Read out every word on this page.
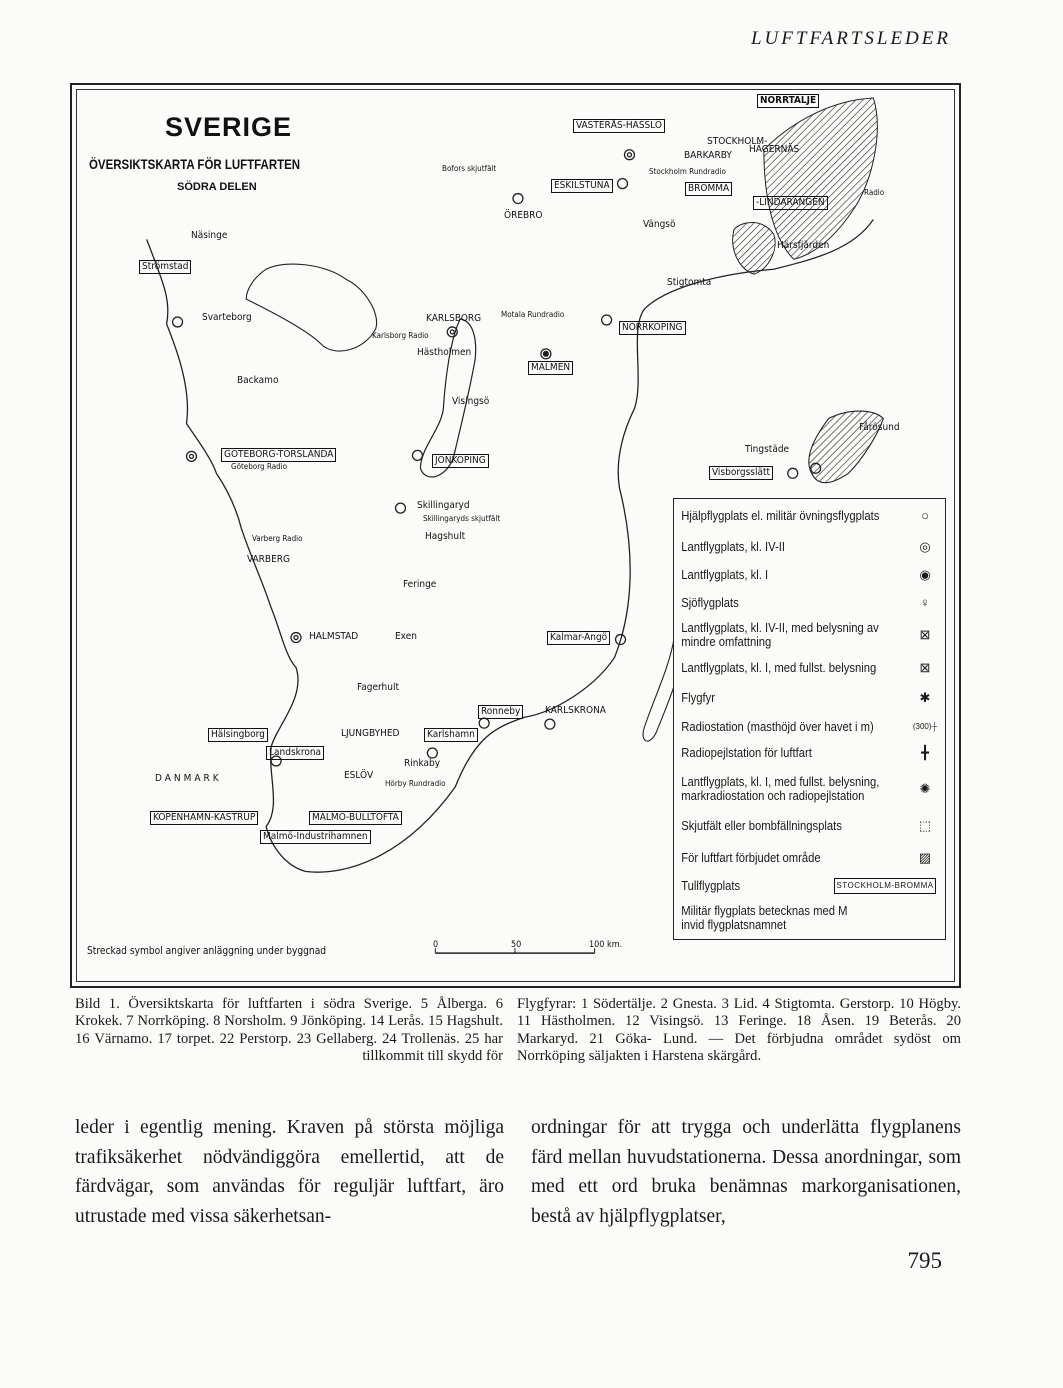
LUFTFARTSLEDER
SVERIGE
ÖVERSIKTSKARTA FÖR LUFTFARTEN
SÖDRA DELEN
NORRTÄLJE
VÄSTERÅS-HÄSSLÖ
STOCKHOLM-
BARKARBY
HÄGERNÄS
Stockholm Rundradio
BROMMA
-LINDARÄNGEN
Radio
Bofors skjutfält
ESKILSTUNA
ÖREBRO
Vängsö
Härsfjärden
Stigtomta
Näsinge
Strömstad
Svarteborg	KARLSBORG
Karlsborg Radio
Motala Rundradio
NORRKÖPING
Hästholmen
MALMEN
Backamo
Visingsö
GÖTEBORG-TORSLANDA
Göteborg Radio
JÖNKÖPING
Fårösund
Tingstäde
Visborgsslätt
Skillingaryd
Skillingaryds skjutfält
Hagshult
Varberg Radio
VARBERG
Feringe
HALMSTAD	Exen	Kalmar-Ängö
Fagerhult
Ronneby	KARLSKRONA
Hälsingborg	LJUNGBYHED	Karlshamn
Landskrona
Rinkaby
DANMARK	ESLÖV
Hörby Rundradio
KÖPENHAMN-KASTRUP	MALMÖ-BULLTOFTA
Malmö-Industrihamnen
0	50	100 km.
Streckad symbol angiver anläggning under byggnad
Hjälpflygplats el. militär övningsflygplats	○
Lantflygplats, kl. IV-II	◎
Lantflygplats, kl. I	◉
Sjöflygplats	♀
Lantflygplats, kl. IV-II, med belysning av mindre omfattning	⊠
Lantflygplats, kl. I, med fullst. belysning	⊠
Flygfyr	✱
Radiostation (masthöjd över havet i m)	(300)┼
Radiopejlstation för luftfart	╋
Lantflygplats, kl. I, med fullst. belysning, markradiostation och radiopejlstation	✺
Skjutfält eller bombfällningsplats	⬚
För luftfart förbjudet område	▨
Tullflygplats	STOCKHOLM-BROMMA
Militär flygplats betecknas med M invid flygplatsnamnet
Bild 1. Översiktskarta för luftfarten i södra Sverige. 5 Ålberga. 6 Krokek. 7 Norrköping. 8 Norsholm. 9 Jönköping. 14 Lerås. 15 Hagshult. 16 Värnamo. 17 torpet. 22 Perstorp. 23 Gellaberg. 24 Trollenäs. 25 har tillkommit till skydd för
Flygfyrar: 1 Södertälje. 2 Gnesta. 3 Lid. 4 Stigtomta. Gerstorp. 10 Högby. 11 Hästholmen. 12 Visingsö. 13 Feringe. 18 Åsen. 19 Beterås. 20 Markaryd. 21 Göka- Lund. — Det förbjudna området sydöst om Norrköping säljakten i Harstena skärgård.
leder i egentlig mening. Kraven på största möjliga trafiksäkerhet nödvändiggöra emellertid, att de färdvägar, som användas för reguljär luftfart, äro utrustade med vissa säkerhetsan-
ordningar för att trygga och underlätta flygplanens färd mellan huvudstationerna. Dessa anordningar, som med ett ord bruka benämnas markorganisationen, bestå av hjälpflygplatser,
795
